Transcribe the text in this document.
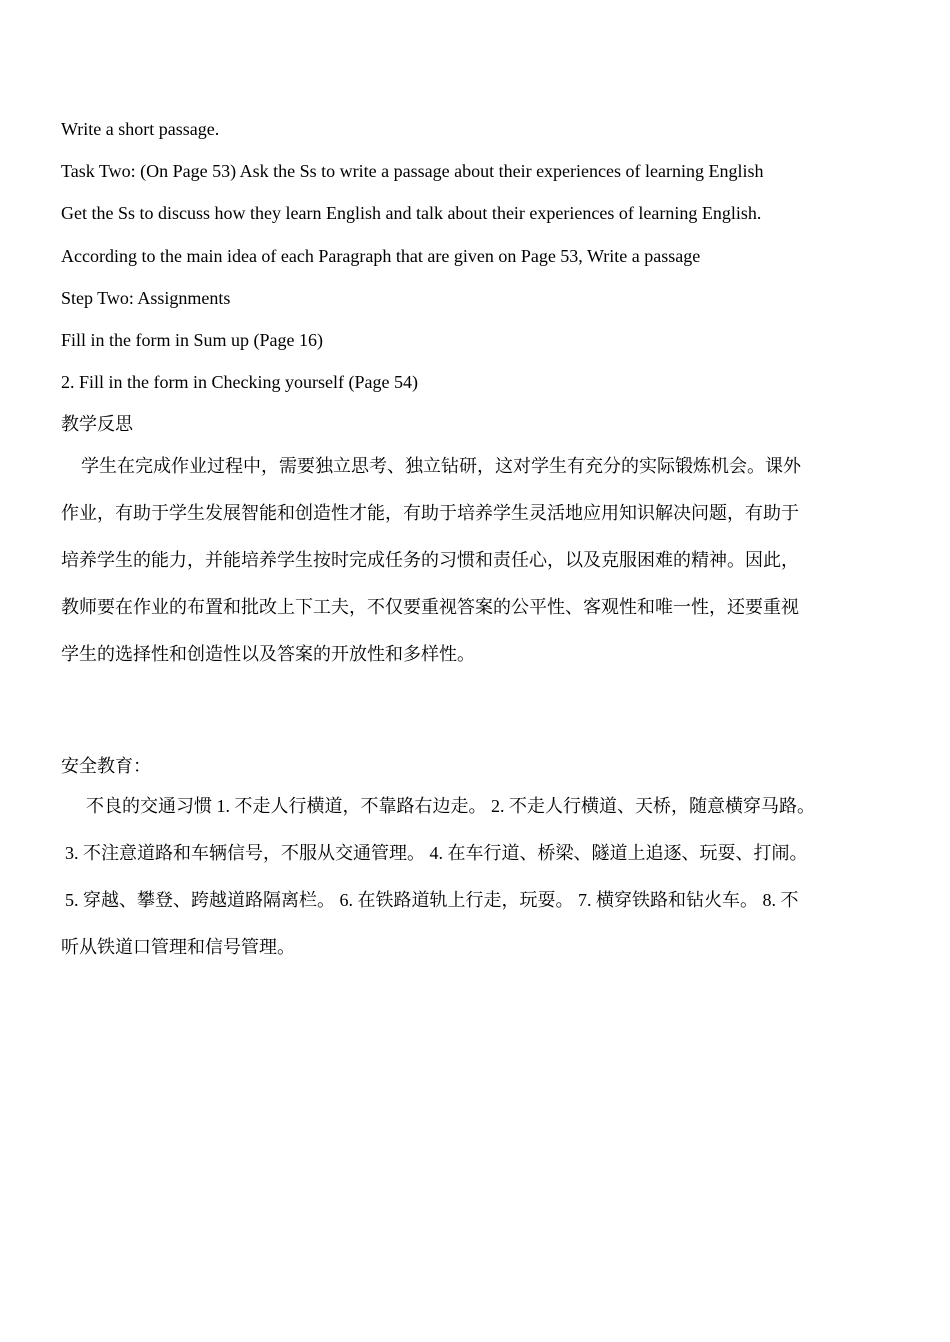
Write a short passage.
Task Two: (On Page 53) Ask the Ss to write a passage about their experiences of learning English
Get the Ss to discuss how they learn English and talk about their experiences of learning English.
According to the main idea of each Paragraph that are given on Page 53, Write a passage
Step Two: Assignments
Fill in the form in Sum up (Page 16)
2. Fill in the form in Checking yourself (Page 54)
教学反思

学生在完成作业过程中，需要独立思考、独立钻研，这对学生有充分的实际锻炼机会。课外

作业，有助于学生发展智能和创造性才能，有助于培养学生灵活地应用知识解决问题，有助于

培养学生的能力，并能培养学生按时完成任务的习惯和责任心，以及克服困难的精神。因此，

教师要在作业的布置和批改上下工夫，不仅要重视答案的公平性、客观性和唯一性，还要重视

学生的选择性和创造性以及答案的开放性和多样性。

安全教育：

不良的交通习惯 1. 不走人行横道，不靠路右边走。 2. 不走人行横道、天桥，随意横穿马路。

3. 不注意道路和车辆信号，不服从交通管理。 4. 在车行道、桥梁、隧道上追逐、玩耍、打闹。

5. 穿越、攀登、跨越道路隔离栏。 6. 在铁路道轨上行走，玩耍。 7. 横穿铁路和钻火车。 8. 不

听从铁道口管理和信号管理。
